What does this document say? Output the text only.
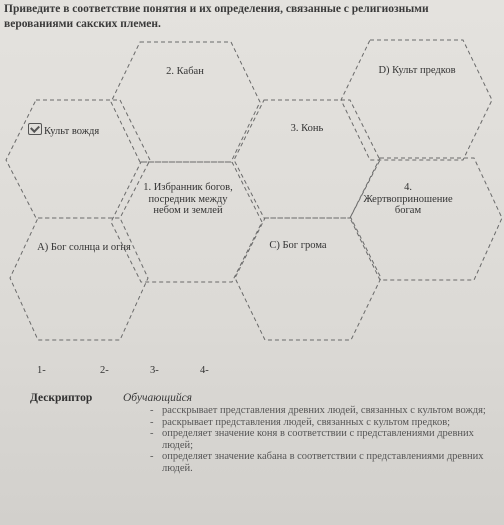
Приведите в соответствие понятия и их определения, связанные с религиозными верованиями сакских племен.
2. Кабан	D) Культ предков
Культ вождя	3. Конь
1. Избранник богов, посредник между небом и землей
4. Жертвоприношение богам
А) Бог солнца и огня	С) Бог грома
1-	2-	3-	4-
Дескриптор	Обучающийся
- расскрывает представления древних людей, связанных с культом вождя;
- раскрывает представления людей, связанных с культом предков;
- определяет значение коня в соответствии с представлениями древних людей;
- определяет значение кабана в соответствии с представлениями древних людей.
